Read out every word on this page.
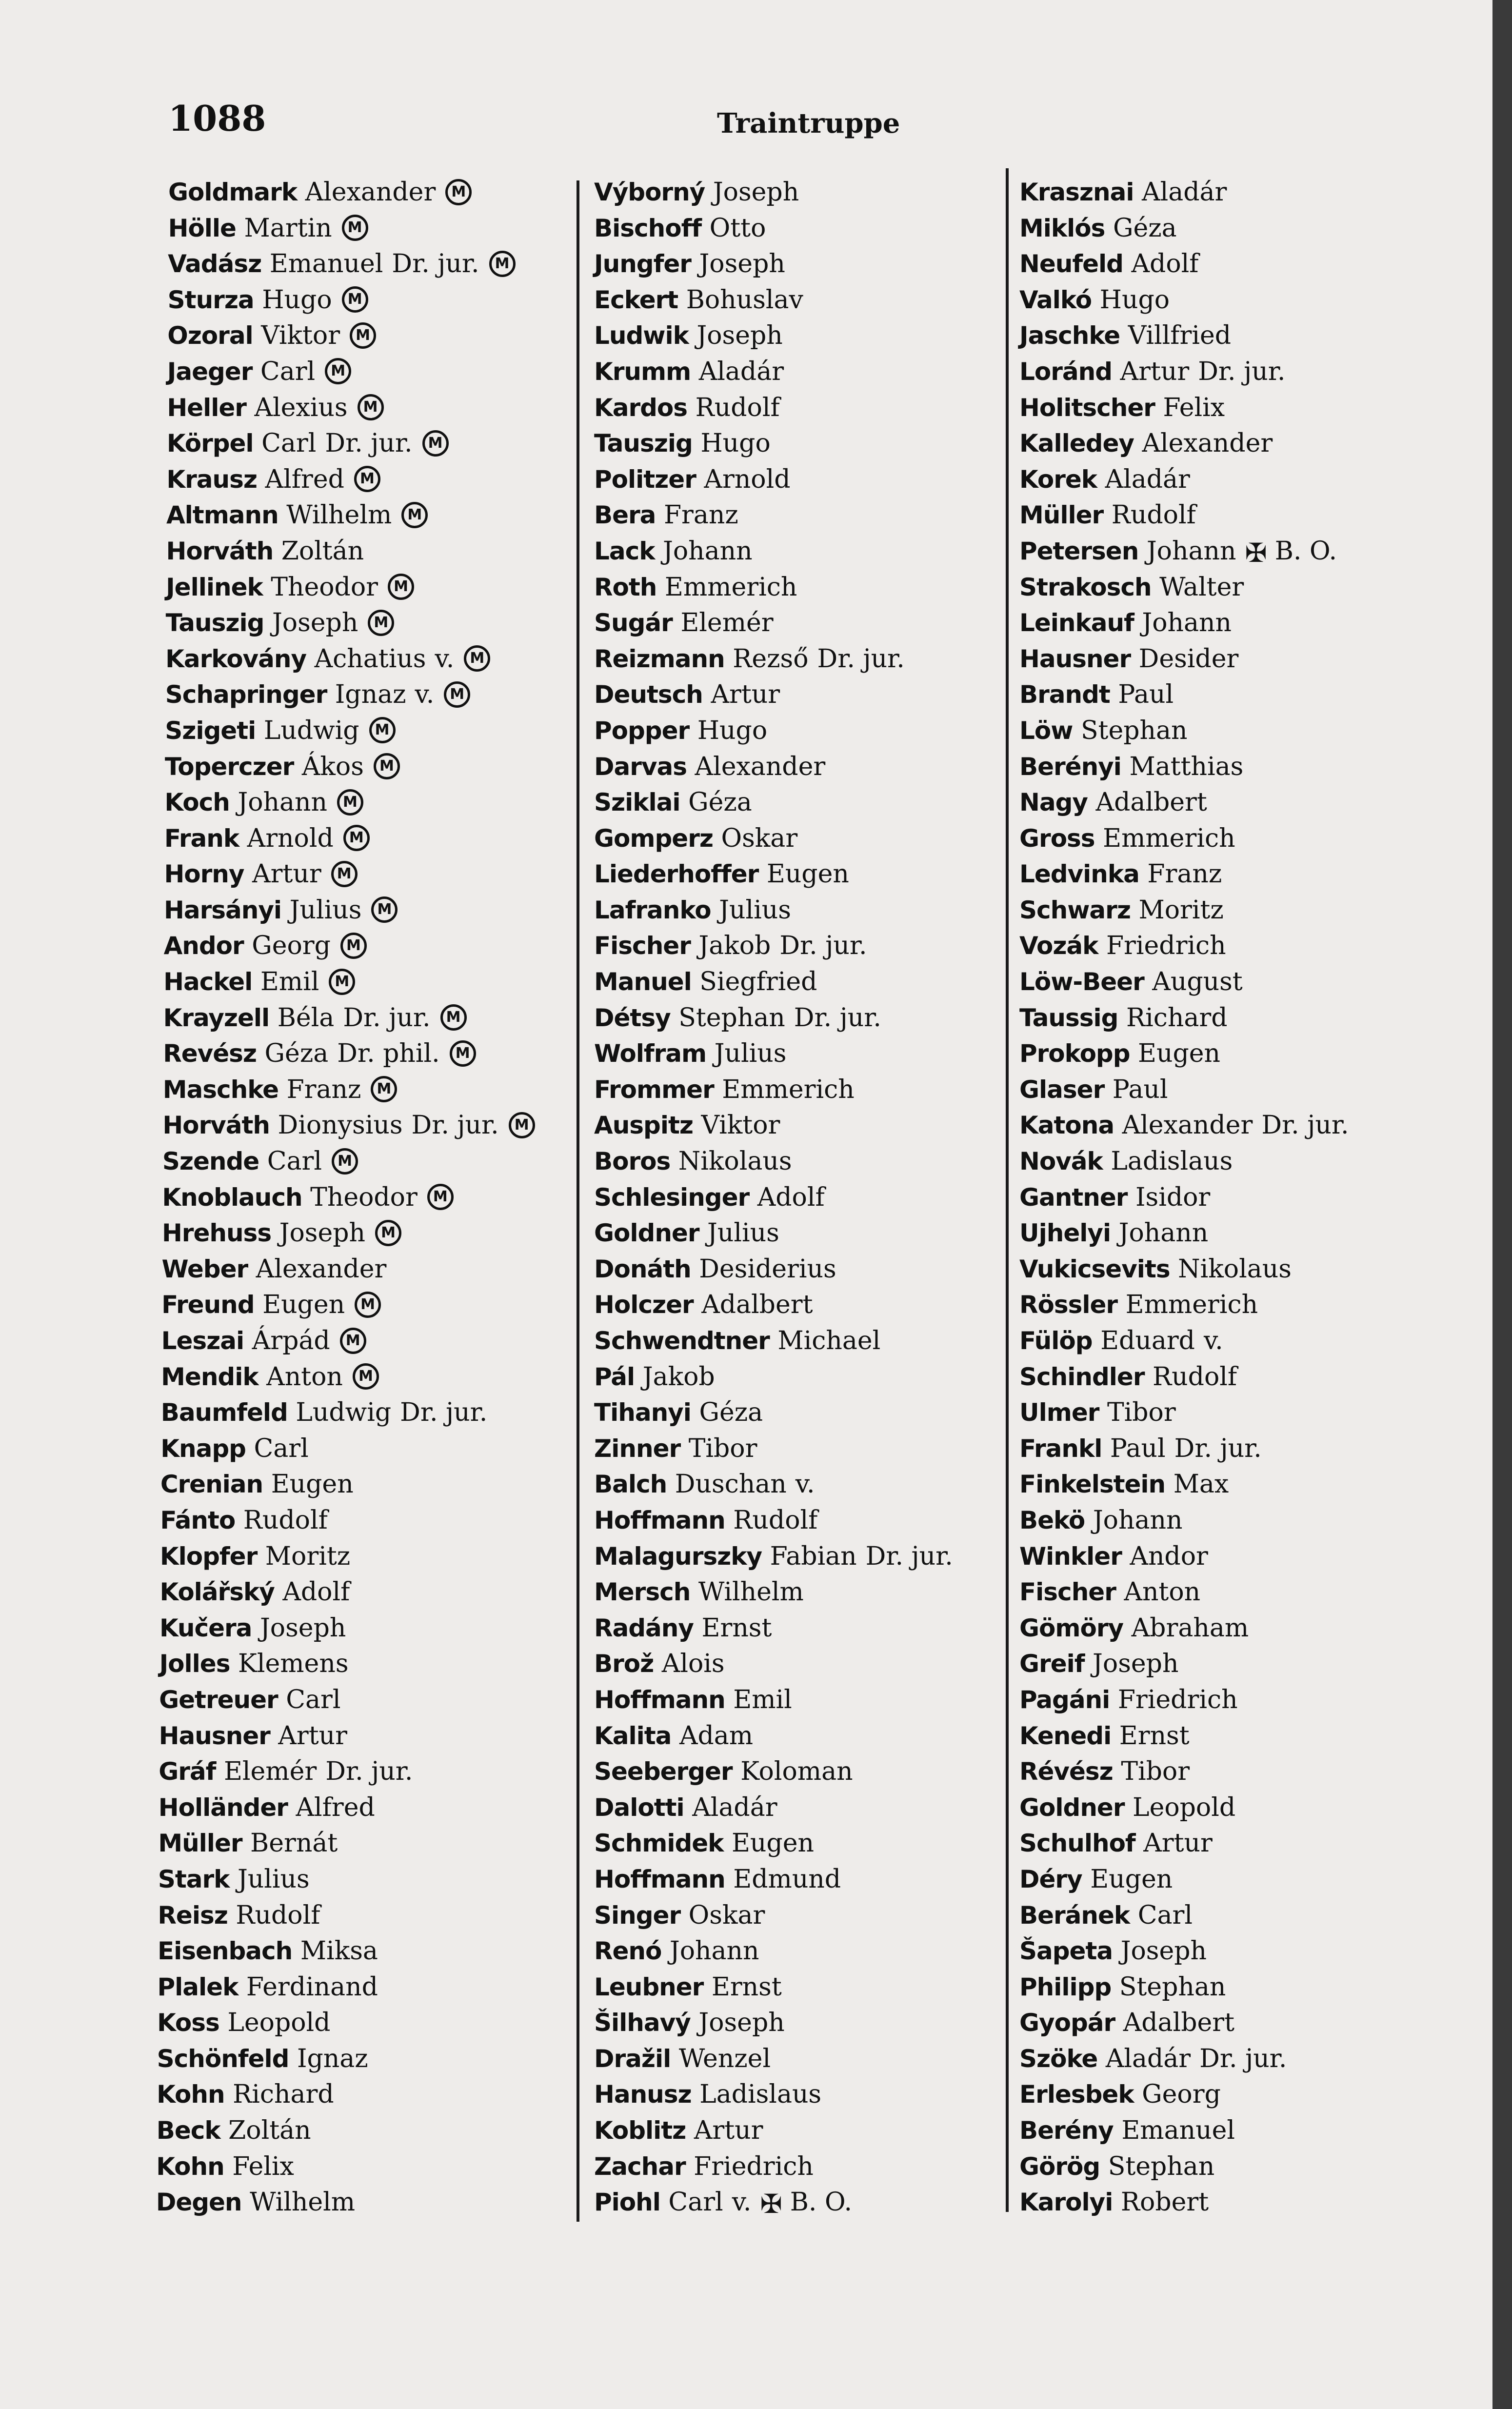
1088	Traintruppe
Goldmark Alexander M
Hölle Martin M
Vadász Emanuel Dr. jur. M
Sturza Hugo M
Ozoral Viktor M
Jaeger Carl M
Heller Alexius M
Körpel Carl Dr. jur. M
Krausz Alfred M
Altmann Wilhelm M
Horváth Zoltán
Jellinek Theodor M
Tauszig Joseph M
Karkovány Achatius v. M
Schapringer Ignaz v. M
Szigeti Ludwig M
Toperczer Ákos M
Koch Johann M
Frank Arnold M
Horny Artur M
Harsányi Julius M
Andor Georg M
Hackel Emil M
Krayzell Béla Dr. jur. M
Revész Géza Dr. phil. M
Maschke Franz M
Horváth Dionysius Dr. jur. M
Szende Carl M
Knoblauch Theodor M
Hrehuss Joseph M
Weber Alexander
Freund Eugen M
Leszai Árpád M
Mendik Anton M
Baumfeld Ludwig Dr. jur.
Knapp Carl
Crenian Eugen
Fánto Rudolf
Klopfer Moritz
Kolářský Adolf
Kučera Joseph
Jolles Klemens
Getreuer Carl
Hausner Artur
Gráf Elemér Dr. jur.
Holländer Alfred
Müller Bernát
Stark Julius
Reisz Rudolf
Eisenbach Miksa
Plalek Ferdinand
Koss Leopold
Schönfeld Ignaz
Kohn Richard
Beck Zoltán
Kohn Felix
Degen Wilhelm
Výborný Joseph
Bischoff Otto
Jungfer Joseph
Eckert Bohuslav
Ludwik Joseph
Krumm Aladár
Kardos Rudolf
Tauszig Hugo
Politzer Arnold
Bera Franz
Lack Johann
Roth Emmerich
Sugár Elemér
Reizmann Rezső Dr. jur.
Deutsch Artur
Popper Hugo
Darvas Alexander
Sziklai Géza
Gomperz Oskar
Liederhoffer Eugen
Lafranko Julius
Fischer Jakob Dr. jur.
Manuel Siegfried
Détsy Stephan Dr. jur.
Wolfram Julius
Frommer Emmerich
Auspitz Viktor
Boros Nikolaus
Schlesinger Adolf
Goldner Julius
Donáth Desiderius
Holczer Adalbert
Schwendtner Michael
Pál Jakob
Tihanyi Géza
Zinner Tibor
Balch Duschan v.
Hoffmann Rudolf
Malagurszky Fabian Dr. jur.
Mersch Wilhelm
Radány Ernst
Brož Alois
Hoffmann Emil
Kalita Adam
Seeberger Koloman
Dalotti Aladár
Schmidek Eugen
Hoffmann Edmund
Singer Oskar
Renó Johann
Leubner Ernst
Šilhavý Joseph
Dražil Wenzel
Hanusz Ladislaus
Koblitz Artur
Zachar Friedrich
Piohl Carl v. ✠ B. O.
Krasznai Aladár
Miklós Géza
Neufeld Adolf
Valkó Hugo
Jaschke Villfried
Loránd Artur Dr. jur.
Holitscher Felix
Kalledey Alexander
Korek Aladár
Müller Rudolf
Petersen Johann ✠ B. O.
Strakosch Walter
Leinkauf Johann
Hausner Desider
Brandt Paul
Löw Stephan
Berényi Matthias
Nagy Adalbert
Gross Emmerich
Ledvinka Franz
Schwarz Moritz
Vozák Friedrich
Löw-Beer August
Taussig Richard
Prokopp Eugen
Glaser Paul
Katona Alexander Dr. jur.
Novák Ladislaus
Gantner Isidor
Ujhelyi Johann
Vukicsevits Nikolaus
Rössler Emmerich
Fülöp Eduard v.
Schindler Rudolf
Ulmer Tibor
Frankl Paul Dr. jur.
Finkelstein Max
Bekö Johann
Winkler Andor
Fischer Anton
Gömöry Abraham
Greif Joseph
Pagáni Friedrich
Kenedi Ernst
Révész Tibor
Goldner Leopold
Schulhof Artur
Déry Eugen
Beránek Carl
Šapeta Joseph
Philipp Stephan
Gyopár Adalbert
Szöke Aladár Dr. jur.
Erlesbek Georg
Berény Emanuel
Görög Stephan
Karolyi Robert
